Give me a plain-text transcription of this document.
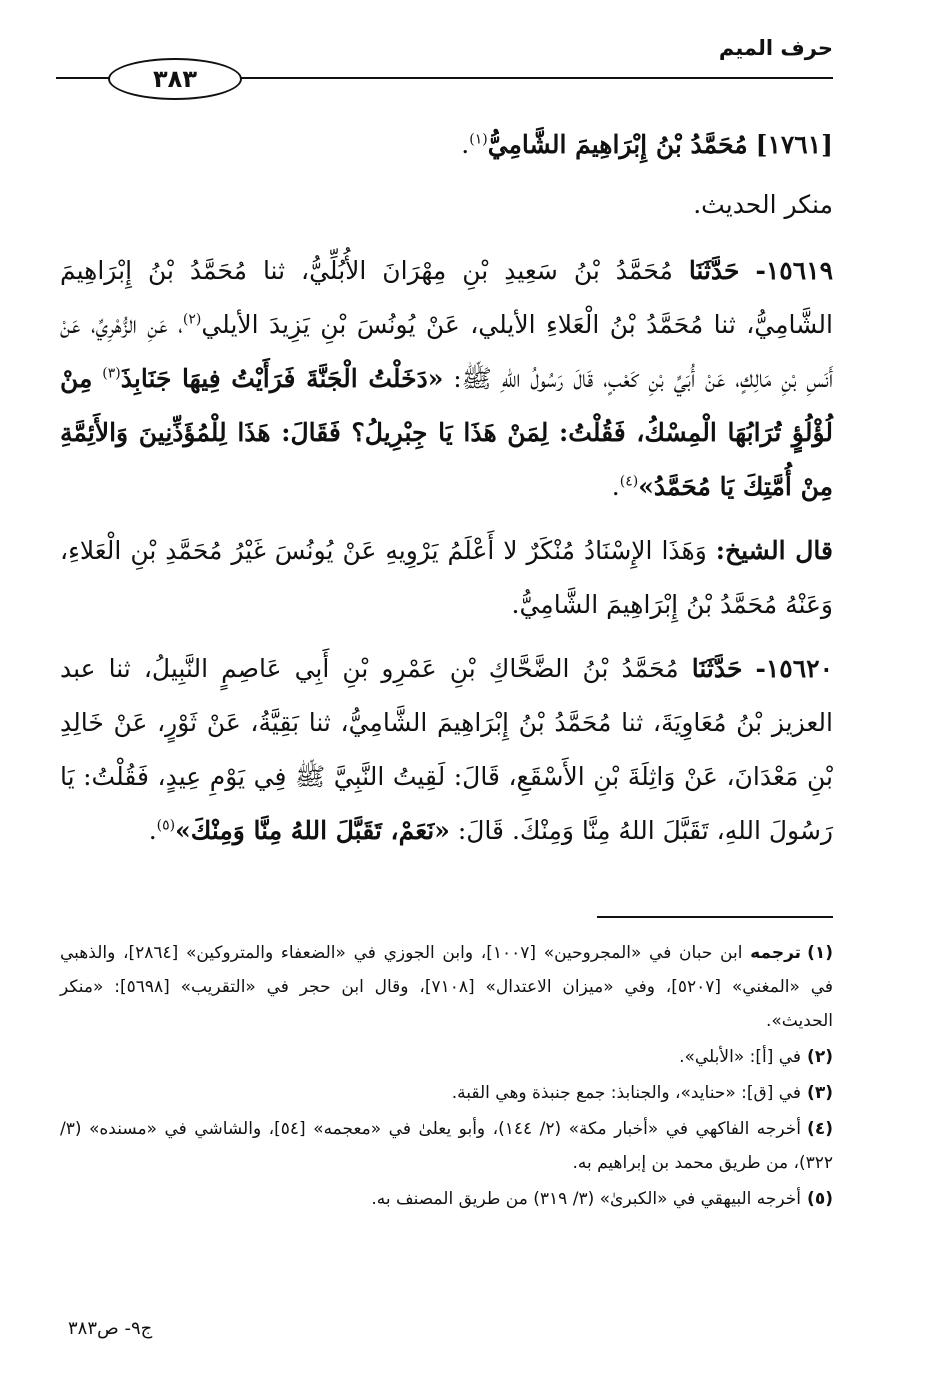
حرف الميم
٣٨٣

[١٧٦١] مُحَمَّدُ بْنُ إِبْرَاهِيمَ الشَّامِيُّ$^{(١)}$.

منكر الحديث.

١٥٦١٩- حَدَّثَنَا مُحَمَّدُ بْنُ سَعِيدِ بْنِ مِهْرَانَ الأُبُلِّيُّ، ثنا مُحَمَّدُ بْنُ إِبْرَاهِيمَ الشَّامِيُّ، ثنا مُحَمَّدُ بْنُ الْعَلاءِ الأيلي، عَنْ يُونُسَ بْنِ يَزِيدَ الأيلي$^{(٢)}$، عَنِ الزُّهْرِيِّ، عَنْ أَنَسِ بْنِ مَالِكٍ، عَنْ أُبَيِّ بْنِ كَعْبٍ، قَالَ رَسُولُ اللهِ ﷺ: «دَخَلْتُ الْجَنَّةَ فَرَأَيْتُ فِيهَا جَنَابِذَ$^{(٣)}$ مِنْ لُؤْلُؤٍ تُرَابُهَا الْمِسْكُ، فَقُلْتُ: لِمَنْ هَذَا يَا جِبْرِيلُ؟ فَقَالَ: هَذَا لِلْمُؤَذِّنِينَ وَالأَئِمَّةِ مِنْ أُمَّتِكَ يَا مُحَمَّدُ»$^{(٤)}$.

قال الشيخ: وَهَذَا الإِسْنَادُ مُنْكَرٌ لا أَعْلَمُ يَرْوِيهِ عَنْ يُونُسَ غَيْرُ مُحَمَّدِ بْنِ الْعَلاءِ، وَعَنْهُ مُحَمَّدُ بْنُ إِبْرَاهِيمَ الشَّامِيُّ.

١٥٦٢٠- حَدَّثَنَا مُحَمَّدُ بْنُ الضَّحَّاكِ بْنِ عَمْرِو بْنِ أَبِي عَاصِمٍ النَّبِيلُ، ثنا عبد العزيز بْنُ مُعَاوِيَةَ، ثنا مُحَمَّدُ بْنُ إِبْرَاهِيمَ الشَّامِيُّ، ثنا بَقِيَّةُ، عَنْ ثَوْرٍ، عَنْ خَالِدِ بْنِ مَعْدَانَ، عَنْ وَاثِلَةَ بْنِ الأَسْقَعِ، قَالَ: لَقِيتُ النَّبِيَّ ﷺ فِي يَوْمِ عِيدٍ، فَقُلْتُ: يَا رَسُولَ اللهِ، تَقَبَّلَ اللهُ مِنَّا وَمِنْكَ. قَالَ: «نَعَمْ، تَقَبَّلَ اللهُ مِنَّا وَمِنْكَ»$^{(٥)}$.

(١)ترجمه ابن حبان في «المجروحين» [١٠٠٧]، وابن الجوزي في «الضعفاء والمتروكين» [٢٨٦٤]، والذهبي في «المغني» [٥٢٠٧]، وفي «ميزان الاعتدال» [٧١٠٨]، وقال ابن حجر في «التقريب» [٥٦٩٨]: «منكر الحديث».

(٢)في [أ]: «الأبلي».

(٣)في [ق]: «حنايد»، والجنابذ: جمع جنبذة وهي القبة.

(٤)أخرجه الفاكهي في «أخبار مكة» (٢/ ١٤٤)، وأبو يعلىٰ في «معجمه» [٥٤]، والشاشي في «مسنده» (٣/ ٣٢٢)، من طريق محمد بن إبراهيم به.

(٥)أخرجه البيهقي في «الكبرىٰ» (٣/ ٣١٩) من طريق المصنف به.

ج٩- ص٣٨٣
